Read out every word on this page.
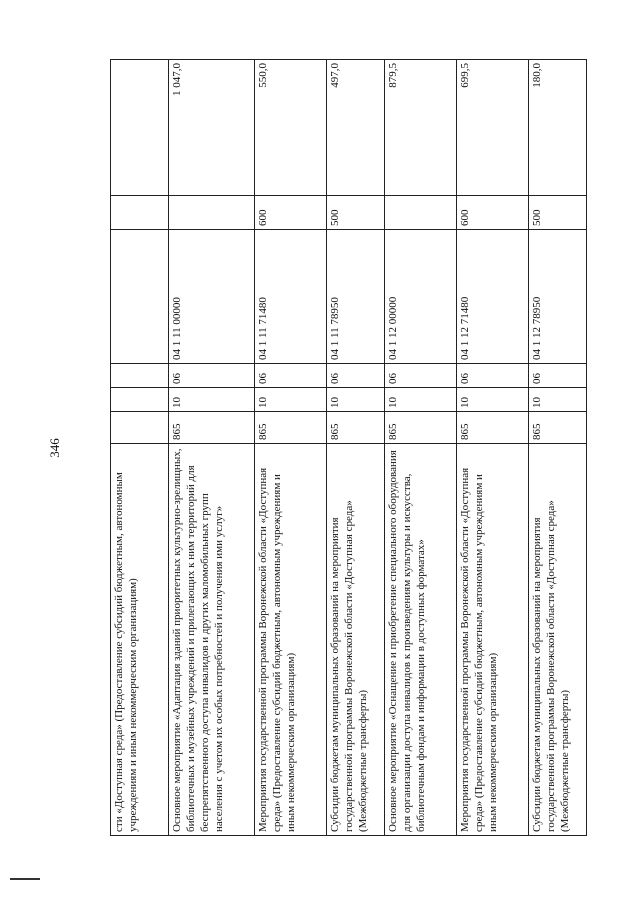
346
сти «Доступная среда» (Предоставление субсидий бюджетным, автономным учреждениям и иным некоммерческим организациям)						
Основное мероприятие «Адаптация зданий приоритетных культурно-зрелищных, библиотечных и музейных учреждений и прилегающих к ним территорий для беспрепятственного доступа инвалидов и других маломобильных групп населения с учетом их особых потребностей и получения ими услуг»	865	10	06	04 1 11 00000		1 047,0
Мероприятия государственной программы Воронежской области «Доступная среда» (Предоставление субсидий бюджетным, автономным учреждениям и иным некоммерческим организациям)	865	10	06	04 1 11 71480	600	550,0
Субсидии бюджетам муниципальных образований на мероприятия государственной программы Воронежской области «Доступная среда» (Межбюджетные трансферты)	865	10	06	04 1 11 78950	500	497,0
Основное мероприятие «Оснащение и приобретение специального оборудования для организации доступа инвалидов к произведениям культуры и искусства, библиотечным фондам и информации в доступных форматах»	865	10	06	04 1 12 00000		879,5
Мероприятия государственной программы Воронежской области «Доступная среда» (Предоставление субсидий бюджетным, автономным учреждениям и иным некоммерческим организациям)	865	10	06	04 1 12 71480	600	699,5
Субсидии бюджетам муниципальных образований на мероприятия государственной программы Воронежской области «Доступная среда» (Межбюджетные трансферты)	865	10	06	04 1 12 78950	500	180,0
